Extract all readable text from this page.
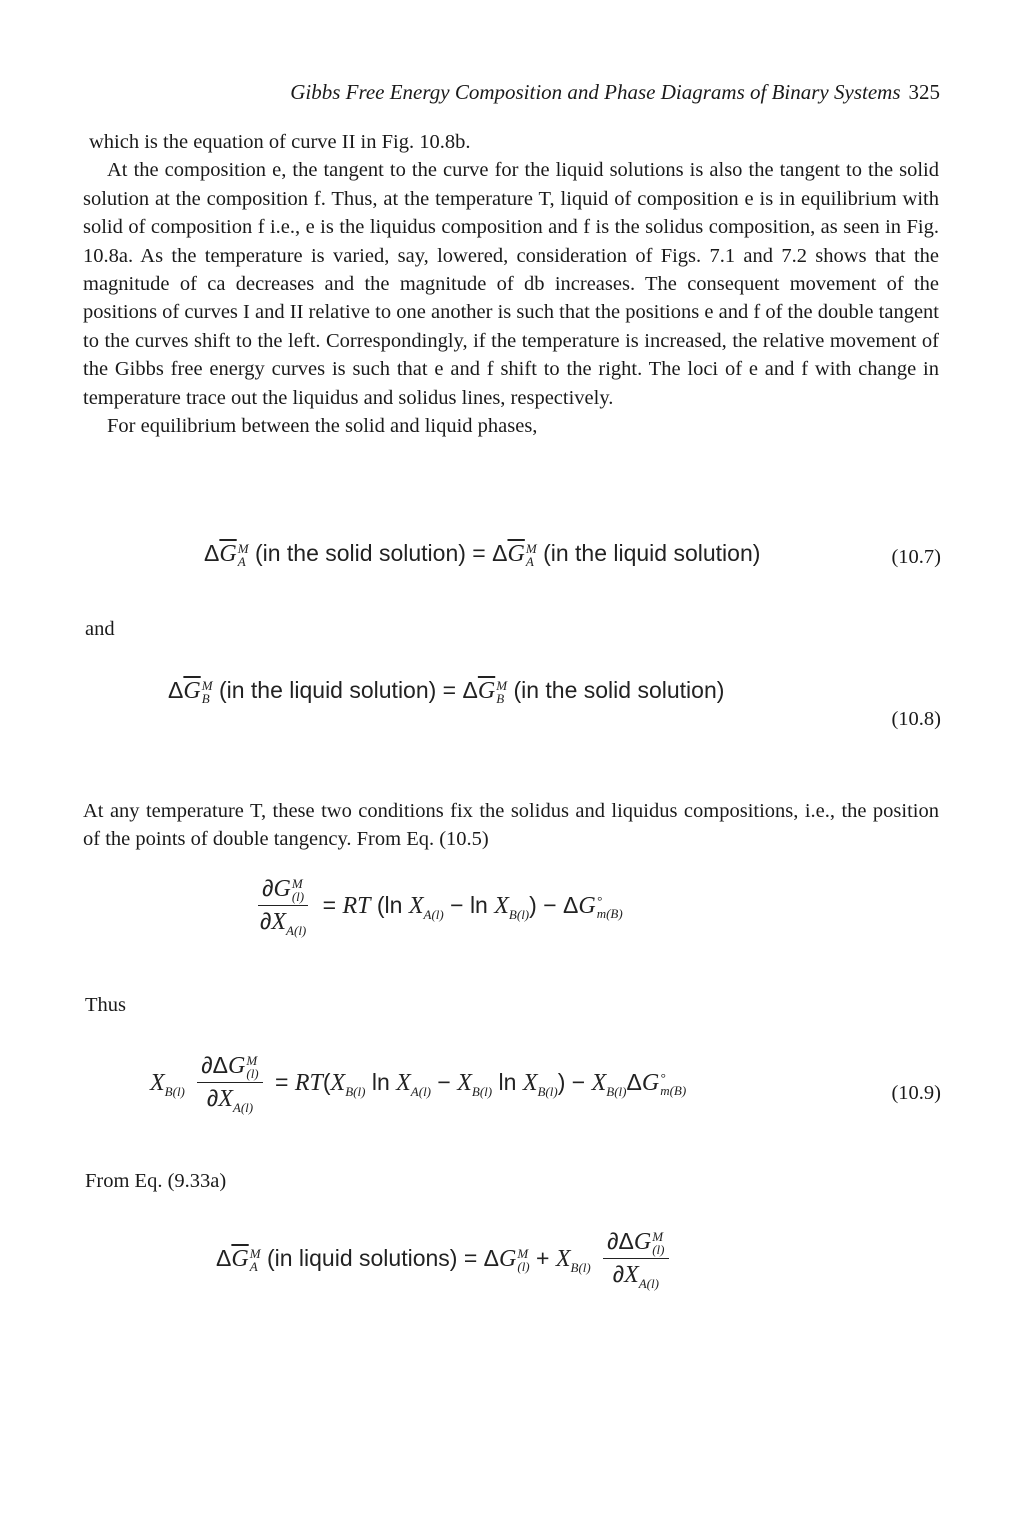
Gibbs Free Energy Composition and Phase Diagrams of Binary Systems 325

which is the equation of curve II in Fig. 10.8b.

At the composition e, the tangent to the curve for the liquid solutions is also the tangent to the solid solution at the composition f. Thus, at the temperature T, liquid of composition e is in equilibrium with solid of composition f i.e., e is the liquidus composition and f is the solidus composition, as seen in Fig. 10.8a. As the temperature is varied, say, lowered, consideration of Figs. 7.1 and 7.2 shows that the magnitude of ca decreases and the magnitude of db increases. The consequent movement of the positions of curves I and II relative to one another is such that the positions e and f of the double tangent to the curves shift to the left. Correspondingly, if the temperature is increased, the relative movement of the Gibbs free energy curves is such that e and f shift to the right. The loci of e and f with change in temperature trace out the liquidus and solidus lines, respectively.

For equilibrium between the solid and liquid phases,

$\Delta\overline{G}$ M
A (in the solid solution) = $\Delta\overline{G}$ M
A (in the liquid solution)	(10.7)
and
$\Delta\overline{G}$ M
B (in the liquid solution) = $\Delta\overline{G}$ M
B (in the solid solution)
(10.8)

At any temperature T, these two conditions fix the solidus and liquidus compositions, i.e., the position of the points of double tangency. From Eq. (10.5)

∂G M
(l)
$\partial X_{A(l)}$ = RT (ln $X_{A(l)} - \ln X_{B(l)}) - \Delta G$ °
m(B)
Thus
$X_{B(l)}$ ∂ΔG M
(l)
$\partial X_{A(l)} = RT(X_{B(l)}$ $\ln X_{A(l)} - X_{B(l)}$ $\ln X_{B(l)}) - X_{B(l)}\Delta G$ °
m(B)	(10.9)
From Eq. (9.33a)
$\Delta\overline{G}$ M
A (in liquid solutions) = ΔG M
$(l) + X_{B(l)}$ ∂ΔG M
(l)
$\partial X_{A(l)}$
